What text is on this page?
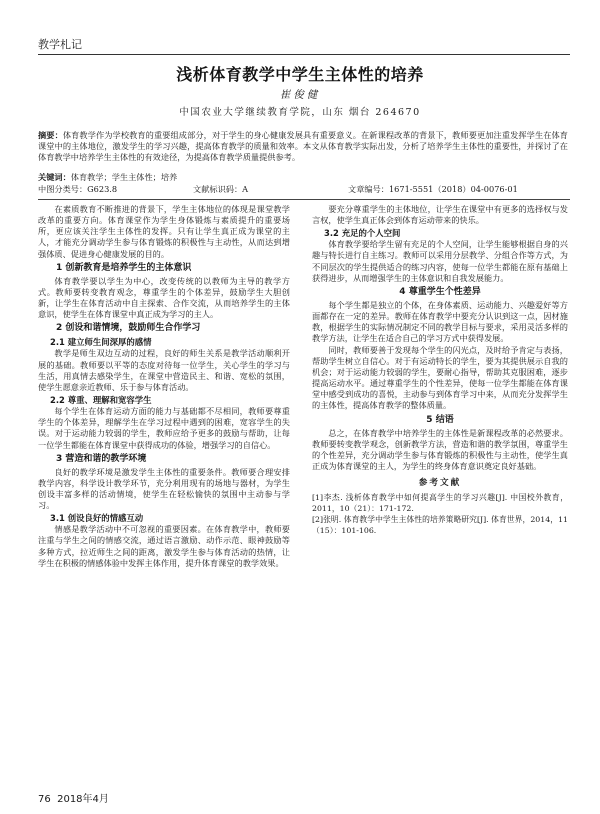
教学札记
浅析体育教学中学生主体性的培养
崔俊健
中国农业大学继续教育学院，山东 烟台 264670
摘要：体育教学作为学校教育的重要组成部分，对于学生的身心健康发展具有重要意义。在新课程改革的背景下，教师要更加注重发挥学生在体育课堂中的主体地位，激发学生的学习兴趣，提高体育教学的质量和效率。本文从体育教学实际出发，分析了培养学生主体性的重要性，并探讨了在体育教学中培养学生主体性的有效途径，为提高体育教学质量提供参考。
关键词：体育教学；学生主体性；培养
中图分类号：G623.8	文献标识码：A	文章编号：1671-5551（2018）04-0076-01

在素质教育不断推进的背景下，学生主体地位的体现是课堂教学改革的重要方向。体育课堂作为学生身体锻炼与素质提升的重要场所，更应该关注学生主体性的发挥。只有让学生真正成为课堂的主人，才能充分调动学生参与体育锻炼的积极性与主动性，从而达到增强体质、促进身心健康发展的目的。

1 创新教育是培养学生的主体意识

体育教学要以学生为中心，改变传统的以教师为主导的教学方式。教师要转变教育观念，尊重学生的个体差异，鼓励学生大胆创新，让学生在体育活动中自主探索、合作交流，从而培养学生的主体意识，使学生在体育课堂中真正成为学习的主人。

2 创设和谐情境，鼓励师生合作学习
2.1 建立师生间深厚的感情

教学是师生双边互动的过程，良好的师生关系是教学活动顺利开展的基础。教师要以平等的态度对待每一位学生，关心学生的学习与生活，用真情去感染学生，在课堂中营造民主、和谐、宽松的氛围，使学生愿意亲近教师、乐于参与体育活动。

2.2 尊重、理解和宽容学生

每个学生在体育运动方面的能力与基础都不尽相同，教师要尊重学生的个体差异，理解学生在学习过程中遇到的困难，宽容学生的失误。对于运动能力较弱的学生，教师应给予更多的鼓励与帮助，让每一位学生都能在体育课堂中获得成功的体验，增强学习的自信心。

3 营造和谐的教学环境

良好的教学环境是激发学生主体性的重要条件。教师要合理安排教学内容，科学设计教学环节，充分利用现有的场地与器材，为学生创设丰富多样的活动情境，使学生在轻松愉快的氛围中主动参与学习。

3.1 创设良好的情感互动

情感是教学活动中不可忽视的重要因素。在体育教学中，教师要注重与学生之间的情感交流，通过语言激励、动作示范、眼神鼓励等多种方式，拉近师生之间的距离，激发学生参与体育活动的热情，让学生在积极的情感体验中发挥主体作用，提升体育课堂的教学效果。

要充分尊重学生的主体地位，让学生在课堂中有更多的选择权与发言权，使学生真正体会到体育运动带来的快乐。

3.2 充足的个人空间

体育教学要给学生留有充足的个人空间，让学生能够根据自身的兴趣与特长进行自主练习。教师可以采用分层教学、分组合作等方式，为不同层次的学生提供适合的练习内容，使每一位学生都能在原有基础上获得进步，从而增强学生的主体意识和自我发展能力。

4 尊重学生个性差异

每个学生都是独立的个体，在身体素质、运动能力、兴趣爱好等方面都存在一定的差异。教师在体育教学中要充分认识到这一点，因材施教，根据学生的实际情况制定不同的教学目标与要求，采用灵活多样的教学方法，让学生在适合自己的学习方式中获得发展。

同时，教师要善于发现每个学生的闪光点，及时给予肯定与表扬，帮助学生树立自信心。对于有运动特长的学生，要为其提供展示自我的机会；对于运动能力较弱的学生，要耐心指导，帮助其克服困难，逐步提高运动水平。通过尊重学生的个性差异，使每一位学生都能在体育课堂中感受到成功的喜悦，主动参与到体育学习中来，从而充分发挥学生的主体性，提高体育教学的整体质量。

5 结语

总之，在体育教学中培养学生的主体性是新课程改革的必然要求。教师要转变教学观念，创新教学方法，营造和谐的教学氛围，尊重学生的个性差异，充分调动学生参与体育锻炼的积极性与主动性，使学生真正成为体育课堂的主人，为学生的终身体育意识奠定良好基础。

参考文献

[1]李杰. 浅析体育教学中如何提高学生的学习兴趣[J]. 中国校外教育，2011，10（21）：171-172.

[2]张明. 体育教学中学生主体性的培养策略研究[J]. 体育世界，2014，11（15）：101-106.

76 2018年4月
